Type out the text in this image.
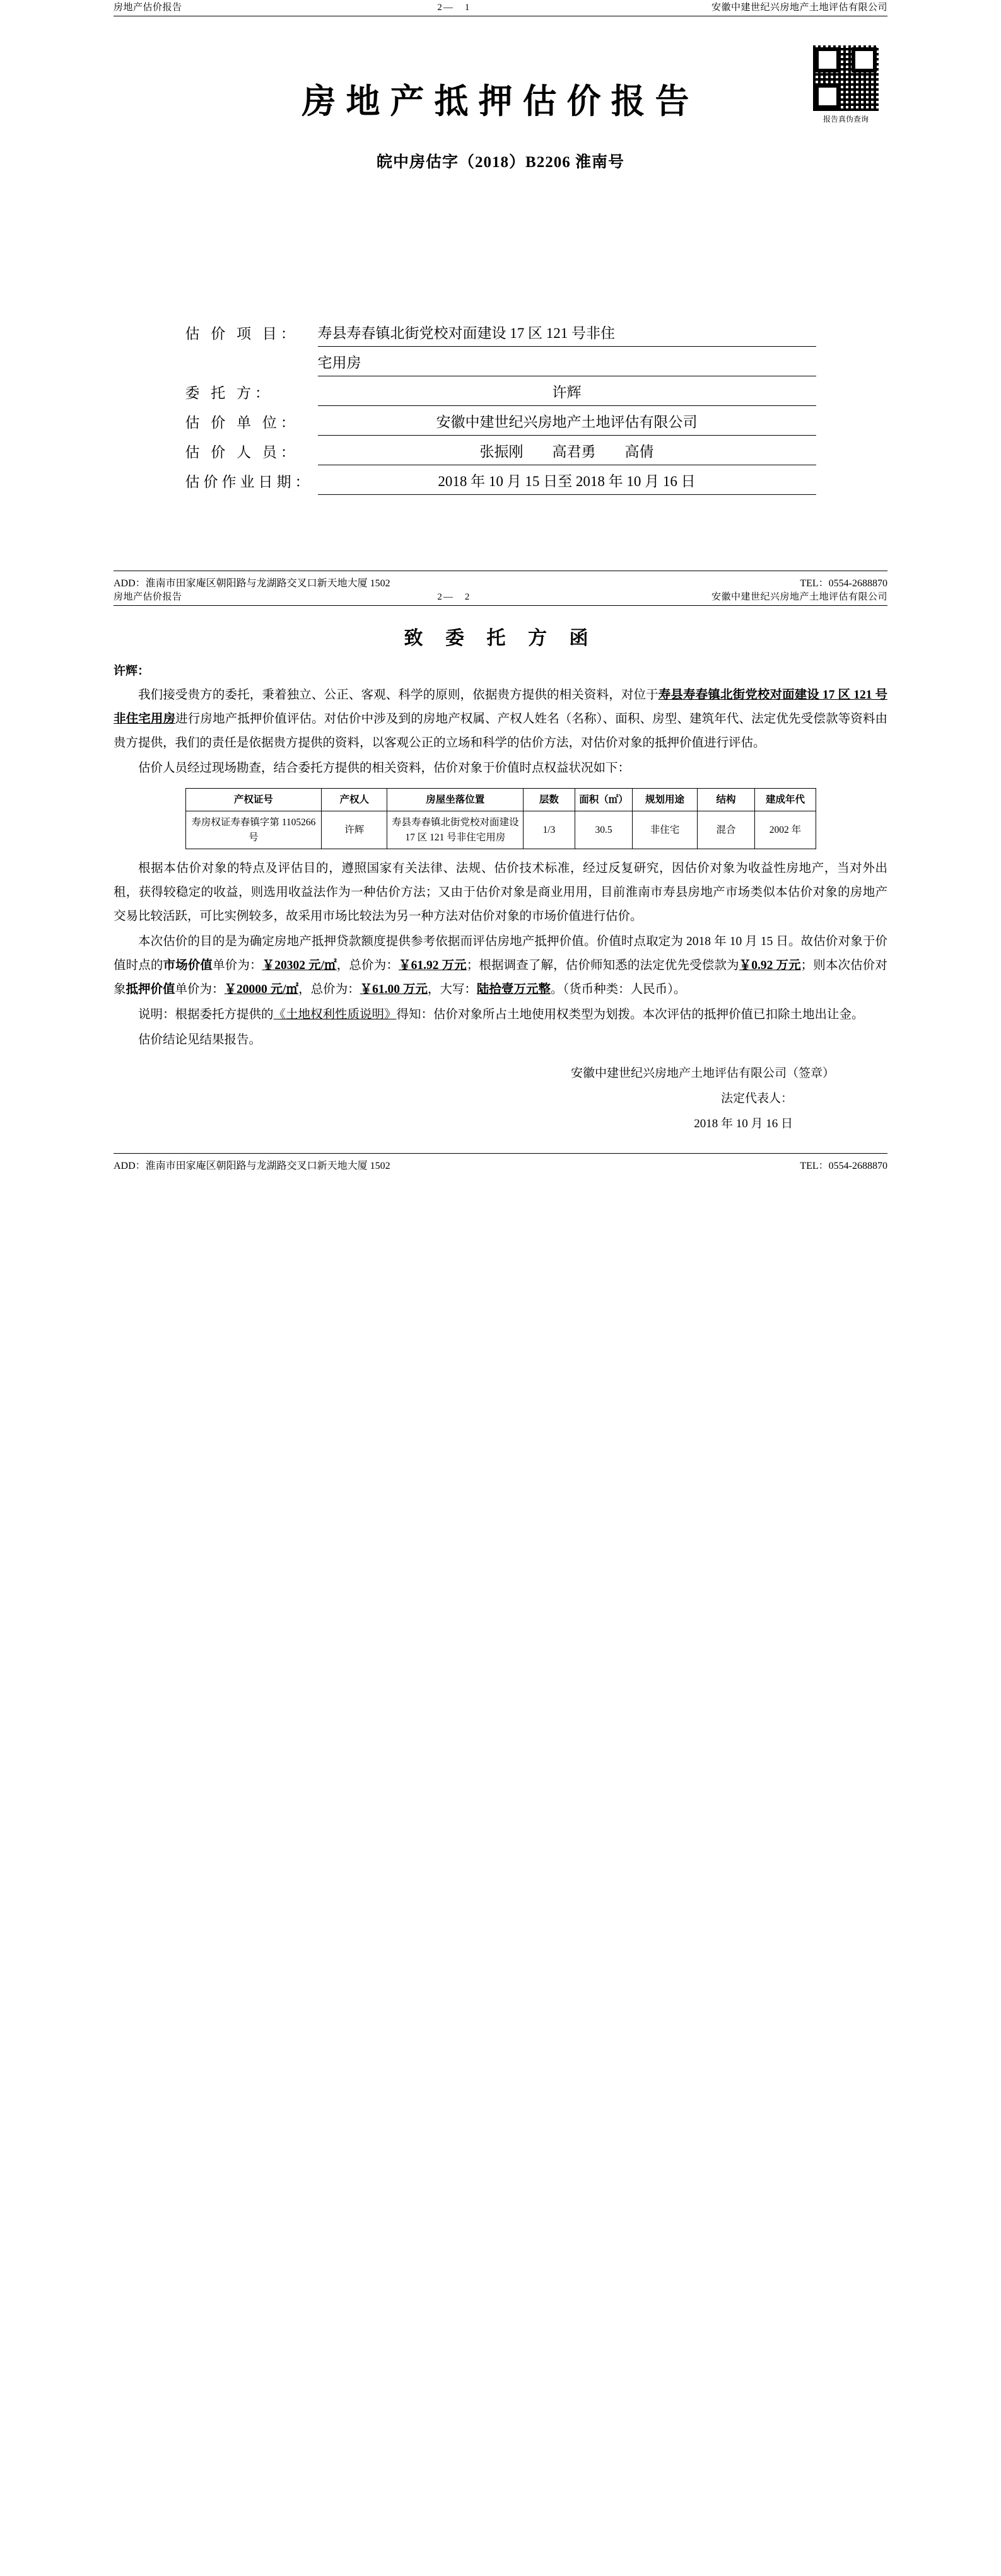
房地产估价报告	2—　1	安徽中建世纪兴房地产土地评估有限公司
报告真伪查询
房地产抵押估价报告
皖中房估字（2018）B2206 淮南号
估 价 项 目：	寿县寿春镇北街党校对面建设 17 区 121 号非住
	宅用房
委 托 方：	许辉
估 价 单 位：	安徽中建世纪兴房地产土地评估有限公司
估 价 人 员：	张振刚　　高君勇　　高倩
估价作业日期：	2018 年 10 月 15 日至 2018 年 10 月 16 日
ADD：淮南市田家庵区朝阳路与龙湖路交叉口新天地大厦 1502	TEL：0554-2688870
房地产估价报告	2—　2	安徽中建世纪兴房地产土地评估有限公司
致 委 托 方 函
许辉：

我们接受贵方的委托，秉着独立、公正、客观、科学的原则，依据贵方提供的相关资料，对位于寿县寿春镇北街党校对面建设 17 区 121 号非住宅用房进行房地产抵押价值评估。对估价中涉及到的房地产权属、产权人姓名（名称）、面积、房型、建筑年代、法定优先受偿款等资料由贵方提供，我们的责任是依据贵方提供的资料，以客观公正的立场和科学的估价方法，对估价对象的抵押价值进行评估。

估价人员经过现场勘查，结合委托方提供的相关资料，估价对象于价值时点权益状况如下：

产权证号	产权人	房屋坐落位置	层数	面积（㎡）	规划用途	结构	建成年代
寿房权证寿春镇字第 1105266 号	许辉	寿县寿春镇北街党校对面建设 17 区 121 号非住宅用房	1/3	30.5	非住宅	混合	2002 年

根据本估价对象的特点及评估目的，遵照国家有关法律、法规、估价技术标准，经过反复研究，因估价对象为收益性房地产，当对外出租，获得较稳定的收益，则选用收益法作为一种估价方法；又由于估价对象是商业用用，目前淮南市寿县房地产市场类似本估价对象的房地产交易比较活跃，可比实例较多，故采用市场比较法为另一种方法对估价对象的市场价值进行估价。

本次估价的目的是为确定房地产抵押贷款额度提供参考依据而评估房地产抵押价值。价值时点取定为 2018 年 10 月 15 日。故估价对象于价值时点的市场价值单价为：￥20302 元/㎡，总价为：￥61.92 万元；根据调查了解，估价师知悉的法定优先受偿款为￥0.92 万元；则本次估价对象抵押价值单价为：￥20000 元/㎡，总价为：￥61.00 万元，大写：陆拾壹万元整。（货币种类：人民币）。

说明：根据委托方提供的《土地权利性质说明》得知：估价对象所占土地使用权类型为划拨。本次评估的抵押价值已扣除土地出让金。

估价结论见结果报告。

安徽中建世纪兴房地产土地评估有限公司（签章）
法定代表人：
2018 年 10 月 16 日
ADD：淮南市田家庵区朝阳路与龙湖路交叉口新天地大厦 1502	TEL：0554-2688870
